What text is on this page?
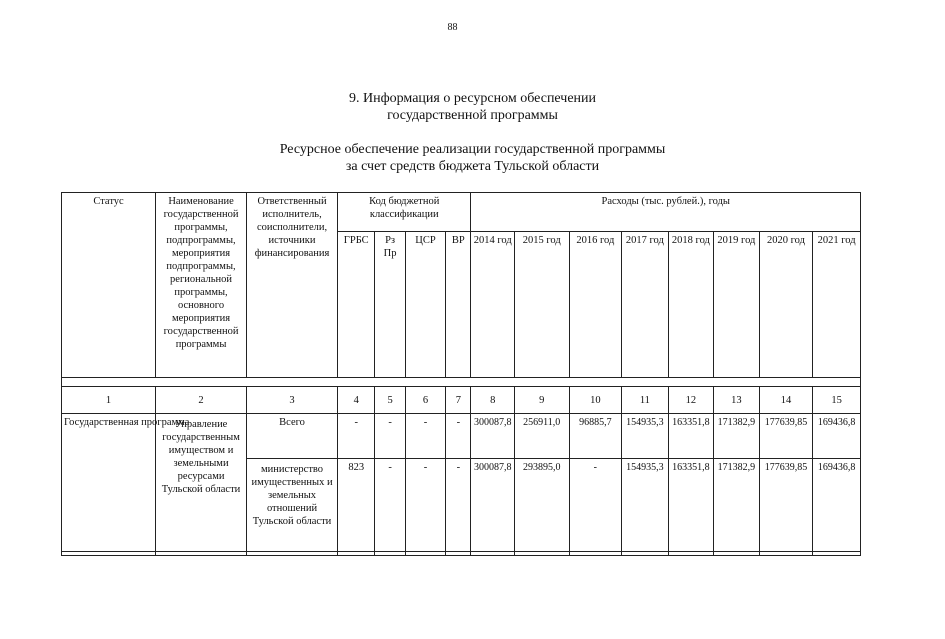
88
9. Информация о ресурсном обеспечении
государственной программы
Ресурсное обеспечение реализации государственной программы
за счет средств бюджета Тульской области
Статус	Наименование государственной программы, подпрограммы, мероприятия подпрограммы, региональной программы, основного мероприятия государственной программы	Ответственный исполнитель, соисполнители, источники финансирования	Код бюджетной классификации				Расходы (тыс. рублей.), годы							
			ГРБС	Рз Пр	ЦСР	ВР	2014 год	2015 год	2016 год	2017 год	2018 год	2019 год	2020 год	2021 год

1	2	3	4	5	6	7	8	9	10	11	12	13	14	15
Государственная программа	Управление государственным имуществом и земельными ресурсами Тульской области	Всего	-	-	-	-	300087,8	256911,0	96885,7	154935,3	163351,8	171382,9	177639,85	169436,8
		министерство имущественных и земельных отношений Тульской области	823	-	-	-	300087,8	293895,0	-	154935,3	163351,8	171382,9	177639,85	169436,8
